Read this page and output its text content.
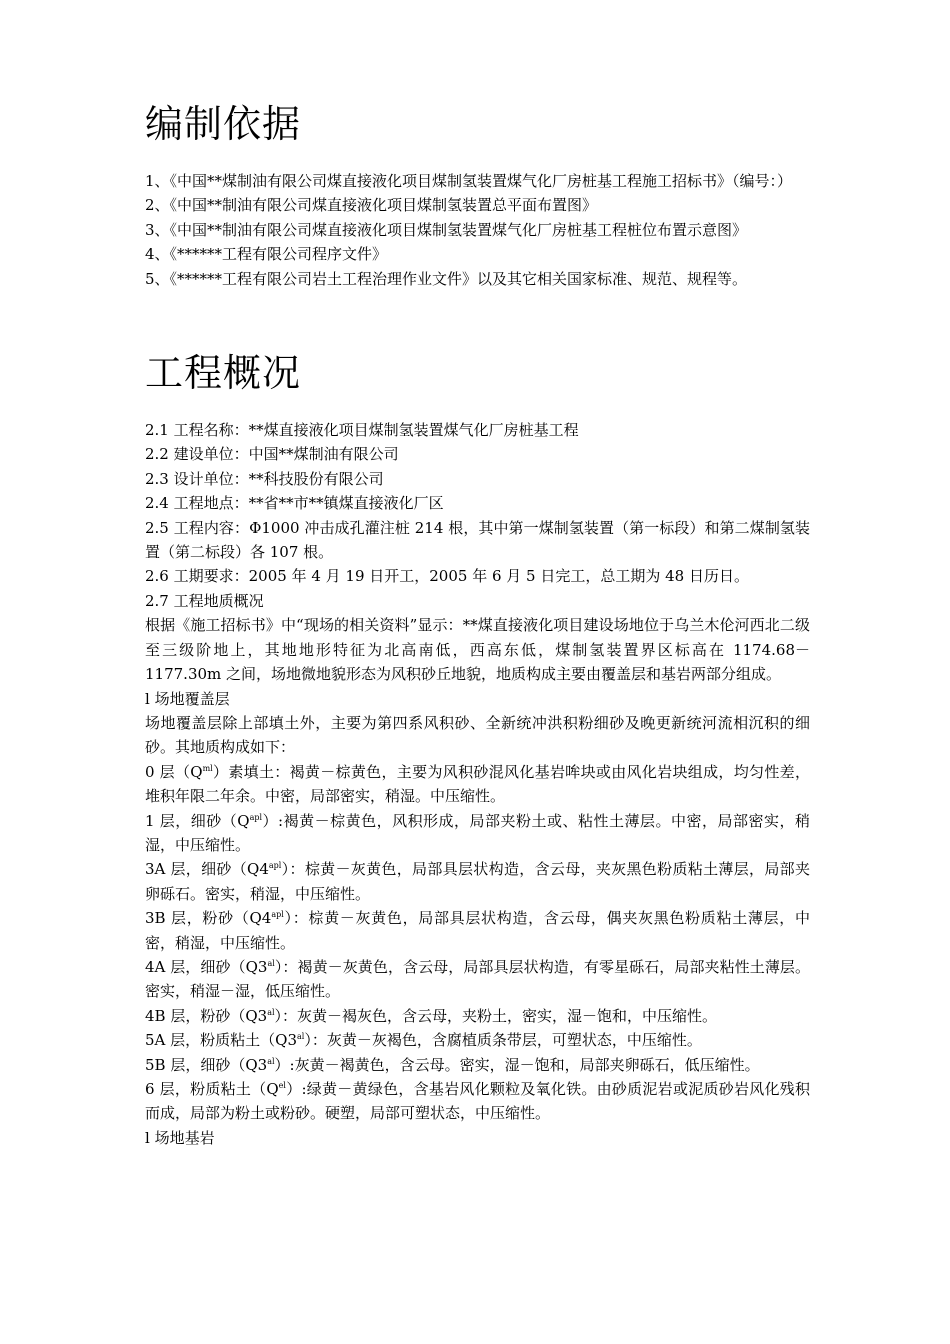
编制依据

1、《中国**煤制油有限公司煤直接液化项目煤制氢装置煤气化厂房桩基工程施工招标书》（编号：）

2、《中国**制油有限公司煤直接液化项目煤制氢装置总平面布置图》

3、《中国**制油有限公司煤直接液化项目煤制氢装置煤气化厂房桩基工程桩位布置示意图》

4、《******工程有限公司程序文件》

5、《******工程有限公司岩土工程治理作业文件》以及其它相关国家标准、规范、规程等。

工程概况

2.1 工程名称：**煤直接液化项目煤制氢装置煤气化厂房桩基工程

2.2 建设单位：中国**煤制油有限公司

2.3 设计单位：**科技股份有限公司

2.4 工程地点：**省**市**镇煤直接液化厂区

2.5 工程内容：Φ1000 冲击成孔灌注桩 214 根，其中第一煤制氢装置（第一标段）和第二煤制氢装置（第二标段）各 107 根。

2.6 工期要求：2005 年 4 月 19 日开工，2005 年 6 月 5 日完工，总工期为 48 日历日。

2.7 工程地质概况

根据《施工招标书》中“现场的相关资料”显示：**煤直接液化项目建设场地位于乌兰木伦河西北二级至三级阶地上，其地地形特征为北高南低，西高东低，煤制氢装置界区标高在 1174.68－1177.30m 之间，场地微地貌形态为风积砂丘地貌，地质构成主要由覆盖层和基岩两部分组成。

l 场地覆盖层

场地覆盖层除上部填土外，主要为第四系风积砂、全新统冲洪积粉细砂及晚更新统河流相沉积的细砂。其地质构成如下：

0 层$(Q^{ml})$素填土：褐黄－棕黄色，主要为风积砂混风化基岩哞块或由风化岩块组成，均匀性差，堆积年限二年余。中密，局部密实，稍湿。中压缩性。

1 层，细砂$(Q^{apl})$:褐黄－棕黄色，风积形成，局部夹粉土或、粘性土薄层。中密，局部密实，稍湿，中压缩性。

3A 层，细砂$(Q4^{apl})$：棕黄－灰黄色，局部具层状构造，含云母，夹灰黑色粉质粘土薄层，局部夹卵砾石。密实，稍湿，中压缩性。

3B 层，粉砂$(Q4^{apl})$：棕黄－灰黄色，局部具层状构造，含云母，偶夹灰黑色粉质粘土薄层，中密，稍湿，中压缩性。

4A 层，细砂$(Q3^{al})$：褐黄－灰黄色，含云母，局部具层状构造，有零星砾石，局部夹粘性土薄层。密实，稍湿－湿，低压缩性。

4B 层，粉砂$(Q3^{al})$：灰黄－褐灰色，含云母，夹粉土，密实，湿－饱和，中压缩性。

5A 层，粉质粘土$(Q3^{al})$：灰黄－灰褐色，含腐植质条带层，可塑状态，中压缩性。

5B 层，细砂$(Q3^{al})$:灰黄－褐黄色，含云母。密实，湿－饱和，局部夹卵砾石，低压缩性。

6 层，粉质粘土$(Q^{el})$:绿黄－黄绿色，含基岩风化颗粒及氧化铁。由砂质泥岩或泥质砂岩风化残积而成，局部为粉土或粉砂。硬塑，局部可塑状态，中压缩性。

l 场地基岩
